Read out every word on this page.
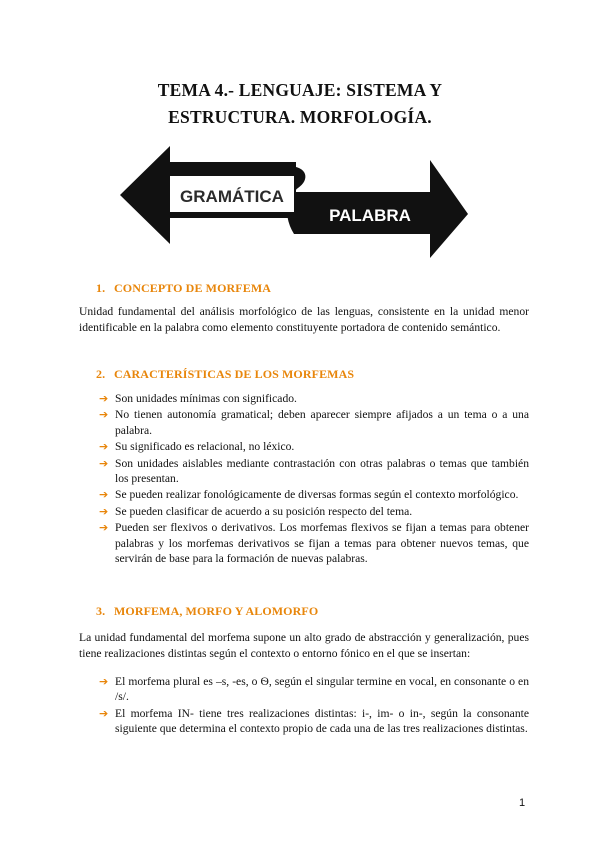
TEMA 4.- LENGUAJE: SISTEMA Y
ESTRUCTURA. MORFOLOGÍA.
GRAMÁTICA
PALABRA
1. CONCEPTO DE MORFEMA

Unidad fundamental del análisis morfológico de las lenguas, consistente en la unidad menor identificable en la palabra como elemento constituyente portadora de contenido semántico.

2. CARACTERÍSTICAS DE LOS MORFEMAS
➔ Son unidades mínimas con significado.
➔ No tienen autonomía gramatical; deben aparecer siempre afijados a un tema o a una palabra.
➔ Su significado es relacional, no léxico.
➔ Son unidades aislables mediante contrastación con otras palabras o temas que también los presentan.
➔ Se pueden realizar fonológicamente de diversas formas según el contexto morfológico.
➔ Se pueden clasificar de acuerdo a su posición respecto del tema.
➔ Pueden ser flexivos o derivativos. Los morfemas flexivos se fijan a temas para obtener palabras y los morfemas derivativos se fijan a temas para obtener nuevos temas, que servirán de base para la formación de nuevas palabras.
3. MORFEMA, MORFO Y ALOMORFO

La unidad fundamental del morfema supone un alto grado de abstracción y generalización, pues tiene realizaciones distintas según el contexto o entorno fónico en el que se insertan:

➔ El morfema plural es –s, -es, o Ѳ, según el singular termine en vocal, en consonante o en /s/.
➔ El morfema IN- tiene tres realizaciones distintas: i-, im- o in-, según la consonante siguiente que determina el contexto propio de cada una de las tres realizaciones distintas.
1
